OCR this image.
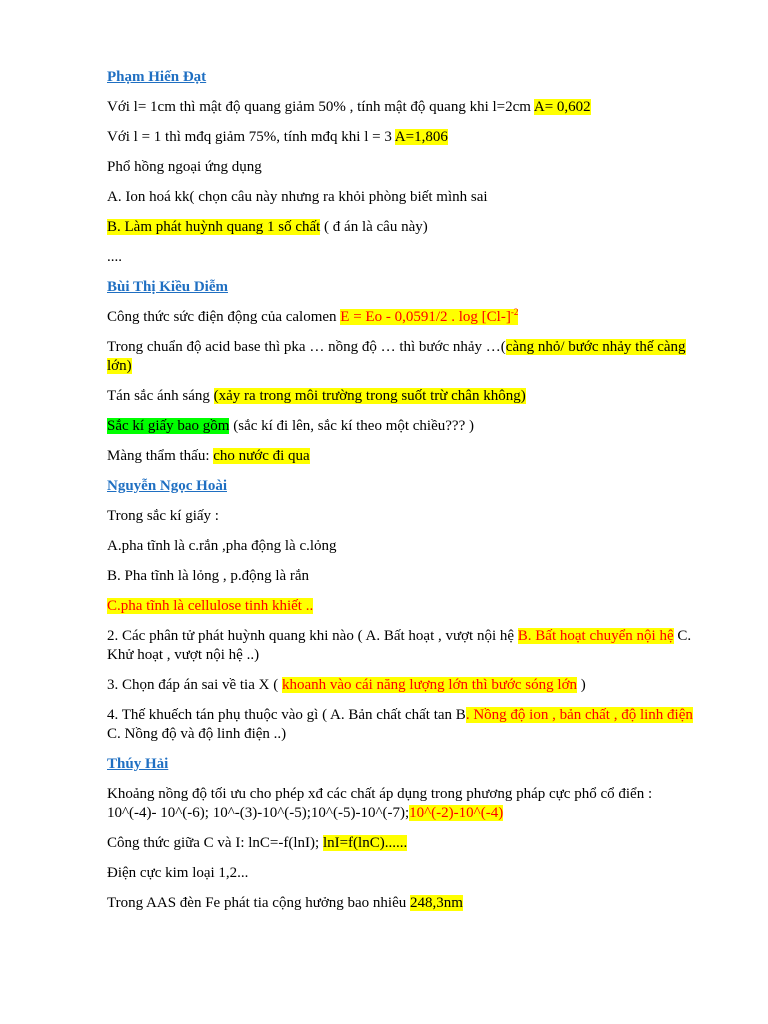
Phạm Hiến Đạt

Với l= 1cm thì mật độ quang giảm 50% , tính mật độ quang khi l=2cm A= 0,602

Với l = 1 thì mđq giảm 75%, tính mđq khi l = 3 A=1,806

Phổ hồng ngoại ứng dụng

A. Ion hoá kk( chọn câu này nhưng ra khỏi phòng biết mình sai

B. Làm phát huỳnh quang 1 số chất ( đ án là câu này)

....

Bùi Thị Kiều Diễm

Công thức sức điện động của calomen E = Eo - 0,0591/2 . $\log [Cl-]^{-2}$

Trong chuẩn độ acid base thì pka … nồng độ … thì bước nhảy …(càng nhỏ/ bước nhảy thế càng lớn)

Tán sắc ánh sáng (xảy ra trong môi trường trong suốt trừ chân không)

Sắc kí giấy bao gồm (sắc kí đi lên, sắc kí theo một chiều??? )

Màng thẩm thấu: cho nước đi qua

Nguyễn Ngọc Hoài

Trong sắc kí giấy :

A.pha tĩnh là c.rắn ,pha động là c.lỏng

B. Pha tĩnh là lỏng , p.động là rắn

C.pha tĩnh là cellulose tinh khiết ..

2. Các phân tử phát huỳnh quang khi nào ( A. Bất hoạt , vượt nội hệ B. Bất hoạt chuyển nội hệ C. Khử hoạt , vượt nội hệ ..)

3. Chọn đáp án sai về tia X ( khoanh vào cái năng lượng lớn thì bước sóng lớn )

4. Thế khuếch tán phụ thuộc vào gì ( A. Bản chất chất tan B. Nồng độ ion , bản chất , độ linh điện C. Nồng độ và độ linh điện ..)

Thúy Hải

Khoảng nồng độ tối ưu cho phép xđ các chất áp dụng trong phương pháp cực phổ cổ điển : 10^(-4)- 10^(-6); 10^-(3)-10^(-5);10^(-5)-10^(-7);10^(-2)-10^(-4)

Công thức giữa C và I: lnC=-f(lnI); lnI=f(lnC)......

Điện cực kim loại 1,2...

Trong AAS đèn Fe phát tia cộng hưởng bao nhiêu 248,3nm
